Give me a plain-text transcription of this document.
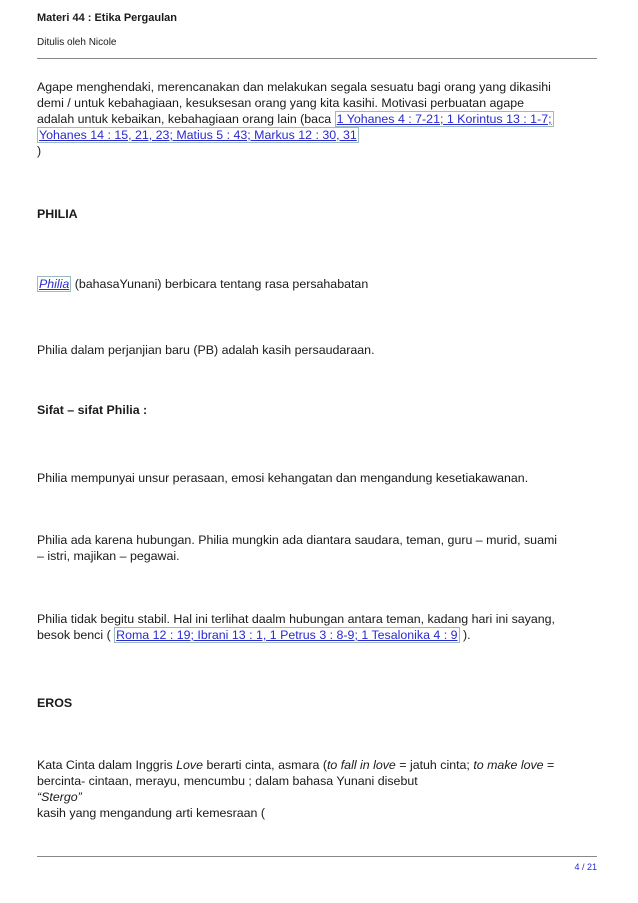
Materi 44 : Etika Pergaulan
Ditulis oleh Nicole
Agape menghendaki, merencanakan dan melakukan segala sesuatu bagi orang yang dikasihi
demi / untuk kebahagiaan, kesuksesan orang yang kita kasihi. Motivasi perbuatan agape
adalah untuk kebaikan, kebahagiaan orang lain (baca 1 Yohanes 4 : 7-21; 1 Korintus 13 : 1-7;
Yohanes 14 : 15, 21, 23; Matius 5 : 43; Markus 12 : 30, 31
)
PHILIA
Philia (bahasaYunani) berbicara tentang rasa persahabatan
Philia dalam perjanjian baru (PB) adalah kasih persaudaraan.
Sifat – sifat Philia :
Philia mempunyai unsur perasaan, emosi kehangatan dan mengandung kesetiakawanan.
Philia ada karena hubungan. Philia mungkin ada diantara saudara, teman, guru – murid, suami
– istri, majikan – pegawai.
Philia tidak begitu stabil. Hal ini terlihat daalm hubungan antara teman, kadang hari ini sayang,
besok benci ( Roma 12 : 19; Ibrani 13 : 1, 1 Petrus 3 : 8-9; 1 Tesalonika 4 : 9 ).
EROS
Kata Cinta dalam Inggris Love berarti cinta, asmara (to fall in love = jatuh cinta; to make love =
bercinta- cintaan, merayu, mencumbu ; dalam bahasa Yunani disebut
“Stergo”
kasih yang mengandung arti kemesraan (
4 / 21
